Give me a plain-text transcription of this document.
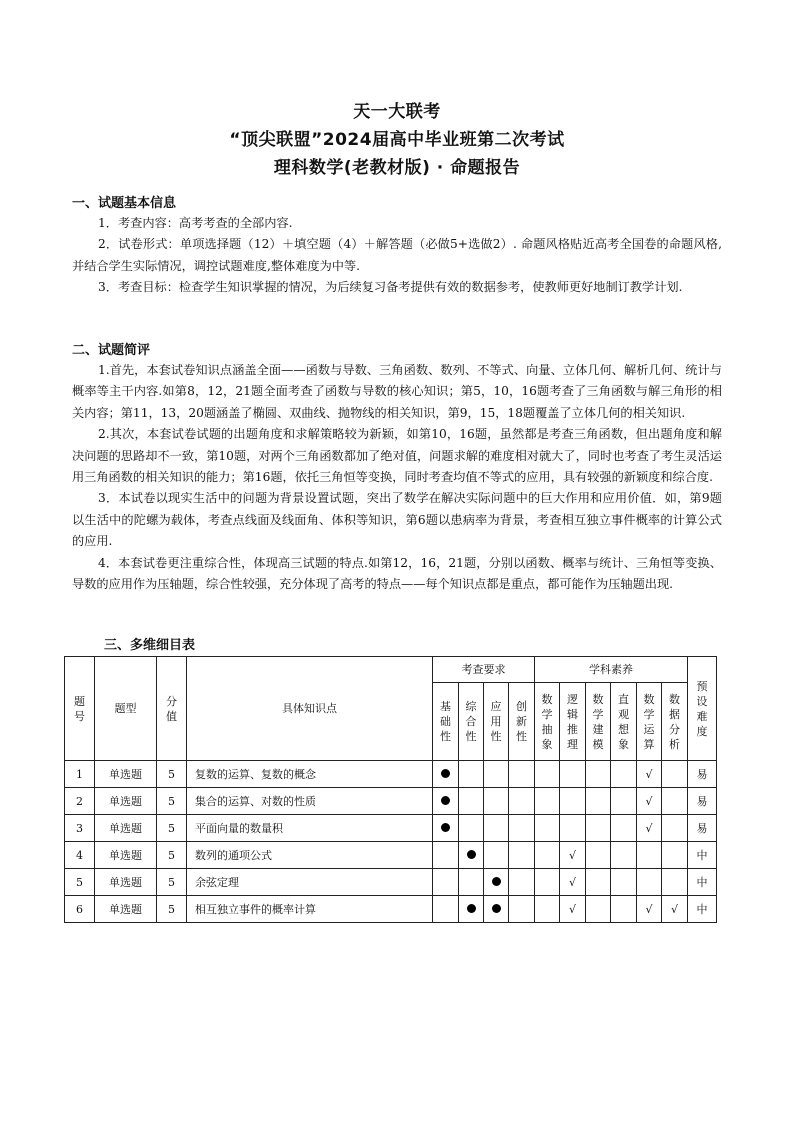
天一大联考
“顶尖联盟”2024届高中毕业班第二次考试
理科数学(老教材版) · 命题报告

一、试题基本信息

1．考查内容：高考考查的全部内容.

2．试卷形式：单项选择题（12）＋填空题（4）＋解答题（必做5+选做2）. 命题风格贴近高考全国卷的命题风格,并结合学生实际情况，调控试题难度,整体难度为中等.

3．考查目标：检查学生知识掌握的情况，为后续复习备考提供有效的数据参考，使教师更好地制订教学计划.

二、试题简评

1.首先，本套试卷知识点涵盖全面——函数与导数、三角函数、数列、不等式、向量、立体几何、解析几何、统计与概率等主干内容.如第8，12，21题全面考查了函数与导数的核心知识；第5，10，16题考查了三角函数与解三角形的相关内容；第11，13，20题涵盖了椭圆、双曲线、抛物线的相关知识，第9，15，18题覆盖了立体几何的相关知识.

2.其次，本套试卷试题的出题角度和求解策略较为新颖，如第10，16题，虽然都是考查三角函数，但出题角度和解决问题的思路却不一致，第10题，对两个三角函数都加了绝对值，问题求解的难度相对就大了，同时也考查了考生灵活运用三角函数的相关知识的能力；第16题，依托三角恒等变换，同时考查均值不等式的应用，具有较强的新颖度和综合度.

3．本试卷以现实生活中的问题为背景设置试题，突出了数学在解决实际问题中的巨大作用和应用价值．如，第9题以生活中的陀螺为载体，考查点线面及线面角、体积等知识，第6题以患病率为背景，考查相互独立事件概率的计算公式的应用.

4．本套试卷更注重综合性，体现高三试题的特点.如第12，16，21题，分别以函数、概率与统计、三角恒等变换、导数的应用作为压轴题，综合性较强，充分体现了高考的特点——每个知识点都是重点，都可能作为压轴题出现.

三、多维细目表

题号	题型	分值	具体知识点	考查要求				学科素养						预设难度
				基础性	综合性	应用性	创新性	数学抽象	逻辑推理	数学建模	直观想象	数学运算	数据分析	
1	单选题	5	复数的运算、复数的概念									√		易
2	单选题	5	集合的运算、对数的性质									√		易
3	单选题	5	平面向量的数量积									√		易
4	单选题	5	数列的通项公式						√					中
5	单选题	5	余弦定理						√					中
6	单选题	5	相互独立事件的概率计算						√			√	√	中
